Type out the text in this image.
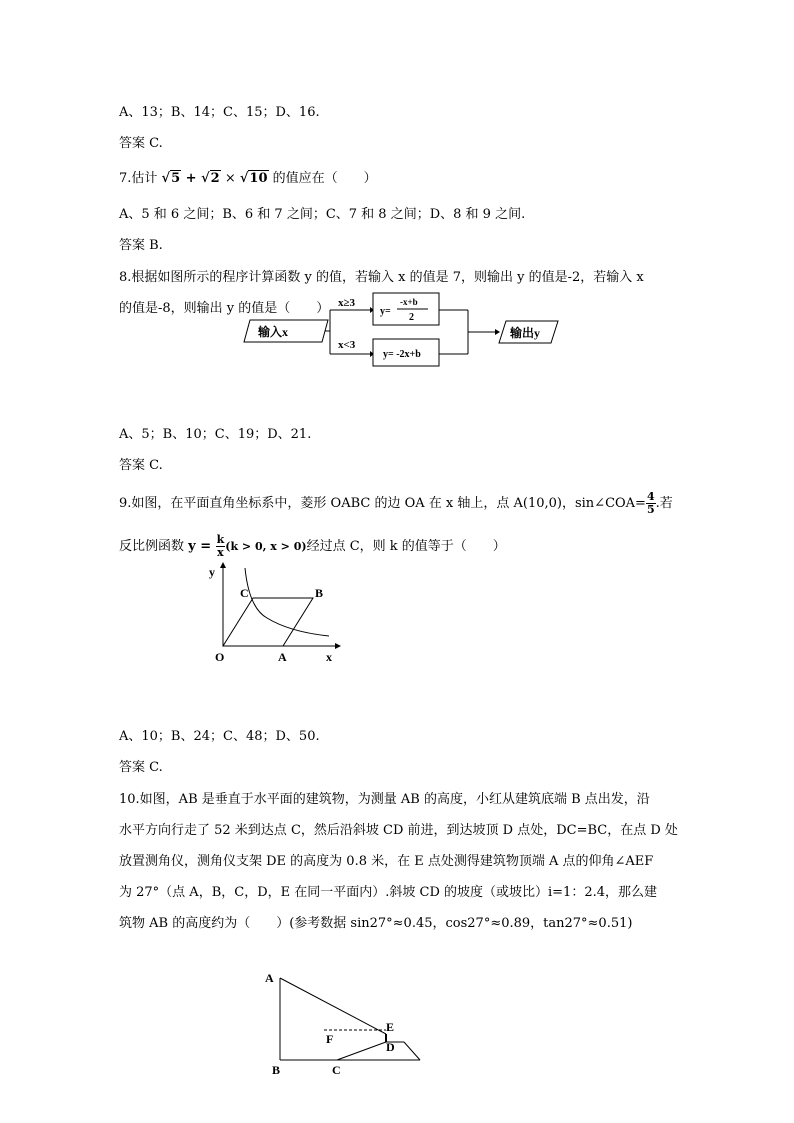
A、13；B、14；C、15；D、16.
答案 C.
7.估计 √5 + √2 × √10 的值应在（　　）
A、5 和 6 之间；B、6 和 7 之间；C、7 和 8 之间；D、8 和 9 之间.
答案 B.
8.根据如图所示的程序计算函数 y 的值，若输入 x 的值是 7，则输出 y 的值是-2，若输入 x
的值是-8，则输出 y 的值是（　　）
输入x
x≥3
x<3
y=
-x+b
2
y= -2x+b
输出y
A、5；B、10；C、19；D、21.
答案 C.
9.如图，在平面直角坐标系中，菱形 OABC 的边 OA 在 x 轴上，点 A(10,0)，sin∠COA= $\frac{4}{5}$ .若
反比例函数 $y = \frac{k}{x} (k > 0$, x > 0)经过点 C，则 k 的值等于（　　）
y
x
O	A
B
C
A、10；B、24；C、48；D、50.
答案 C.
10.如图，AB 是垂直于水平面的建筑物，为测量 AB 的高度，小红从建筑底端 B 点出发，沿
水平方向行走了 52 米到达点 C，然后沿斜坡 CD 前进，到达坡顶 D 点处，DC=BC，在点 D 处
放置测角仪，测角仪支架 DE 的高度为 0.8 米，在 E 点处测得建筑物顶端 A 点的仰角∠AEF
为 27°（点 A，B，C，D，E 在同一平面内）.斜坡 CD 的坡度（或坡比）i=1：2.4，那么建
筑物 AB 的高度约为（　　）(参考数据 sin27°≈0.45，cos27°≈0.89，tan27°≈0.51)
A
B	C
D
E
F
